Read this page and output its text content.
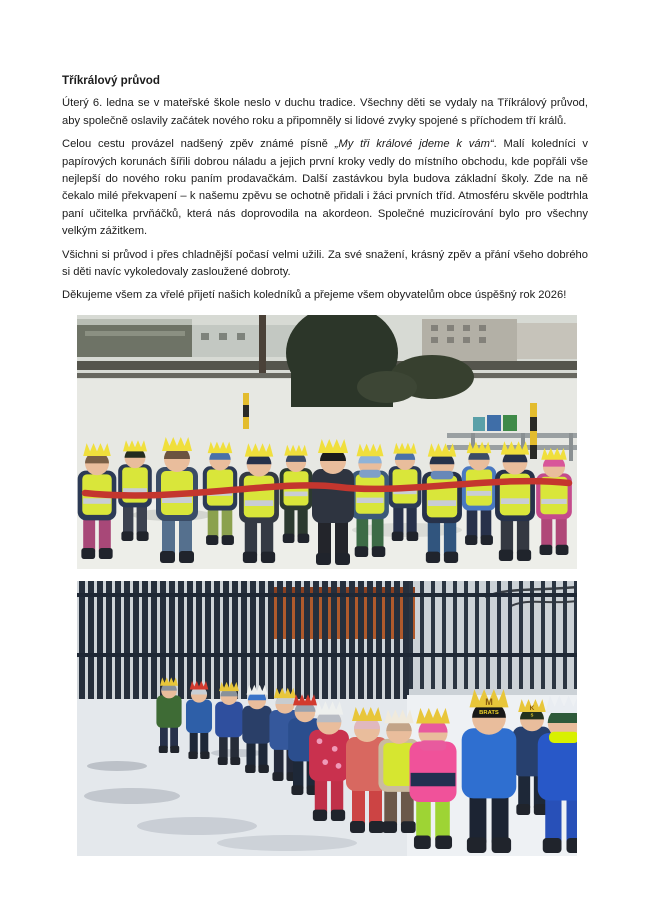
Tříkrálový průvod

Úterý 6. ledna se v mateřské škole neslo v duchu tradice. Všechny děti se vydaly na Tříkrálový průvod, aby společně oslavily začátek nového roku a připomněly si lidové zvyky spojené s příchodem tří králů.

Celou cestu provázel nadšený zpěv známé písně „My tři králové jdeme k vám“. Malí koledníci v papírových korunách šířili dobrou náladu a jejich první kroky vedly do místního obchodu, kde popřáli vše nejlepší do nového roku paním prodavačkám. Další zastávkou byla budova základní školy. Zde na ně čekalo milé překvapení – k našemu zpěvu se ochotně přidali i žáci prvních tříd. Atmosféru skvěle podtrhla paní učitelka prvňáčků, která nás doprovodila na akordeon. Společné muzicírování bylo pro všechny velkým zážitkem.

Všichni si průvod i přes chladnější počasí velmi užili. Za své snažení, krásný zpěv a přání všeho dobrého si děti navíc vykoledovaly zasloužené dobroty.

Děkujeme všem za vřelé přijetí našich koledníků a přejeme všem obyvatelům obce úspěšný rok 2026!

K
S
M
BRATS
